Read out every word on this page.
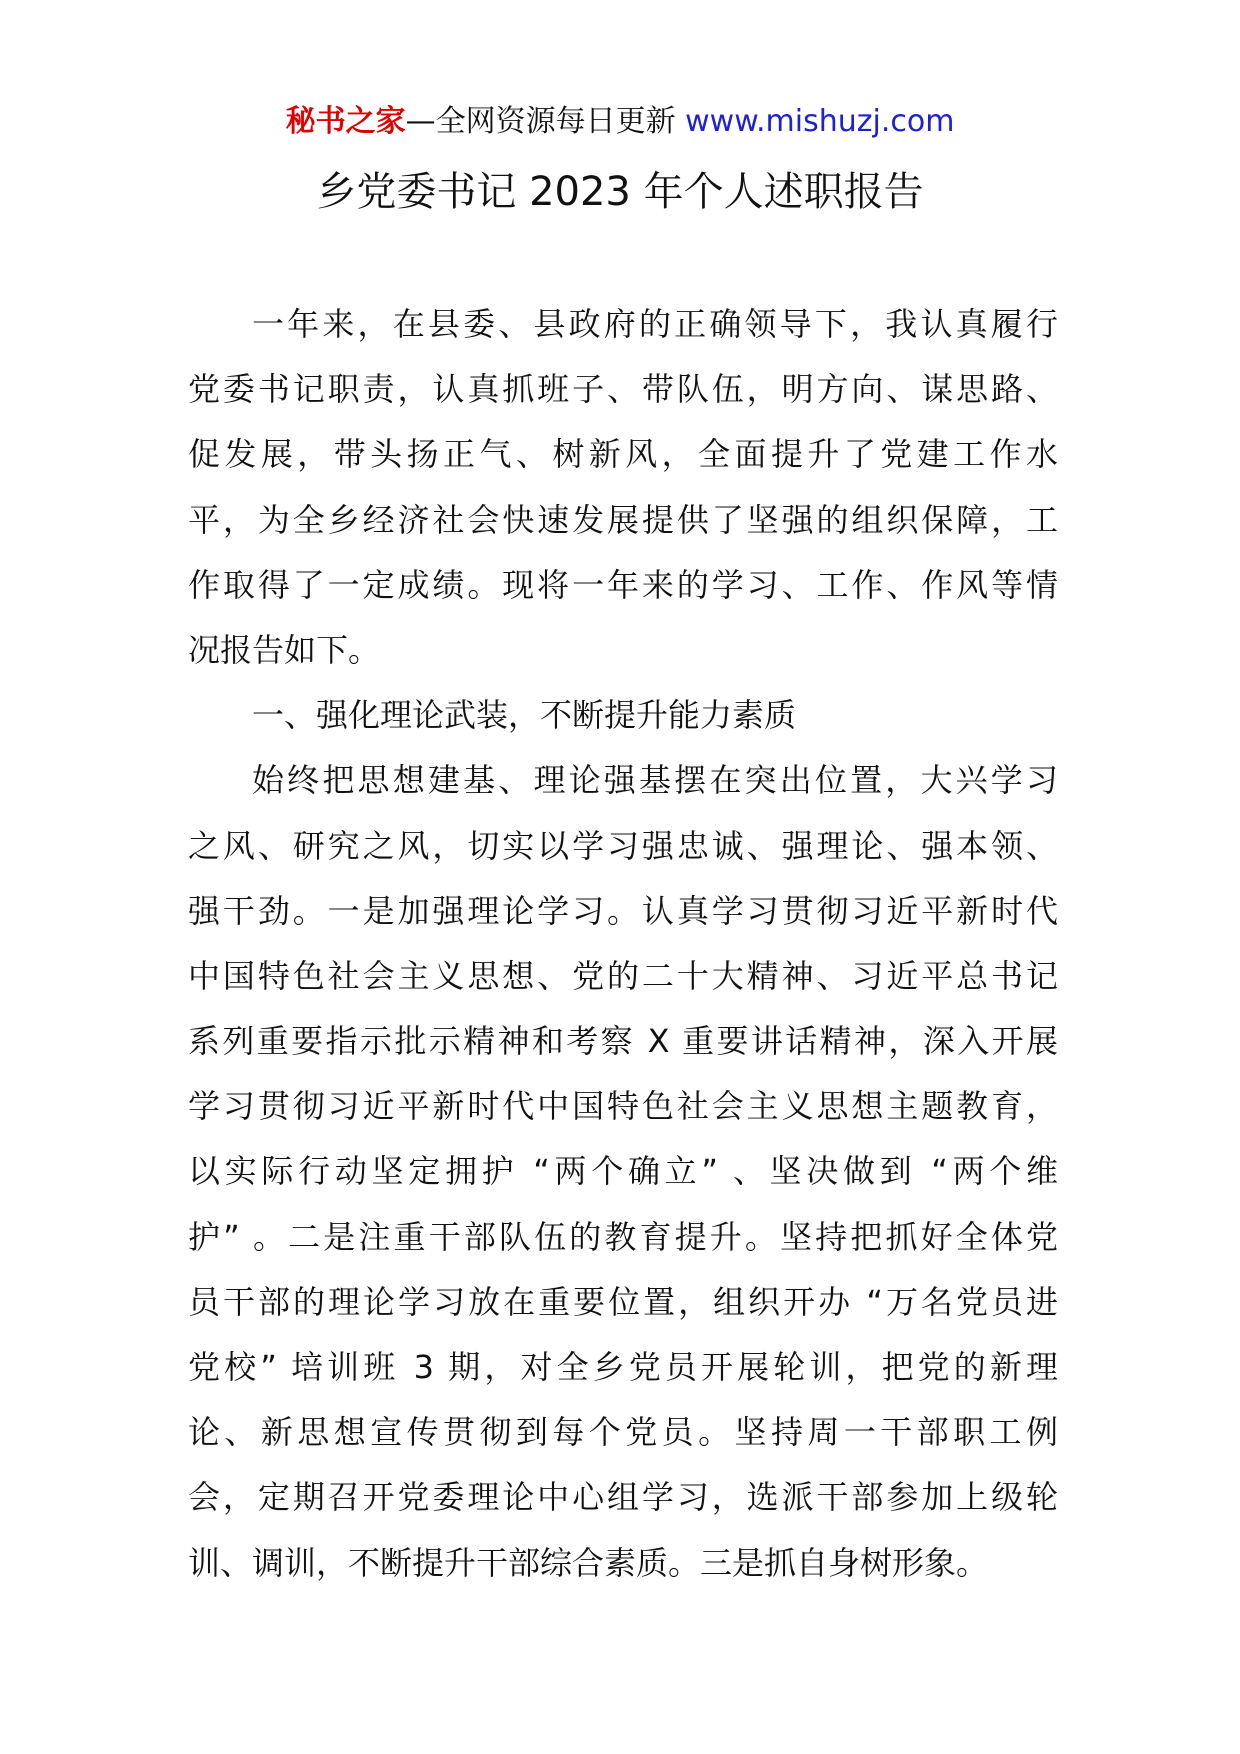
秘书之家—全网资源每日更新 www.mishuzj.com
乡党委书记 2023 年个人述职报告
一年来，在县委、县政府的正确领导下，我认真履行
党委书记职责，认真抓班子、带队伍，明方向、谋思路、
促发展，带头扬正气、树新风，全面提升了党建工作水
平，为全乡经济社会快速发展提供了坚强的组织保障，工
作取得了一定成绩。现将一年来的学习、工作、作风等情
况报告如下。
一、强化理论武装，不断提升能力素质
始终把思想建基、理论强基摆在突出位置，大兴学习
之风、研究之风，切实以学习强忠诚、强理论、强本领、
强干劲。一是加强理论学习。认真学习贯彻习近平新时代
中国特色社会主义思想、党的二十大精神、习近平总书记
系列重要指示批示精神和考察 X 重要讲话精神，深入开展
学习贯彻习近平新时代中国特色社会主义思想主题教育，
以实际行动坚定拥护 “两个确立” 、坚决做到 “两个维
护” 。二是注重干部队伍的教育提升。坚持把抓好全体党
员干部的理论学习放在重要位置，组织开办 “万名党员进
党校” 培训班 3 期，对全乡党员开展轮训，把党的新理
论、新思想宣传贯彻到每个党员。坚持周一干部职工例
会，定期召开党委理论中心组学习，选派干部参加上级轮
训、调训，不断提升干部综合素质。三是抓自身树形象。
